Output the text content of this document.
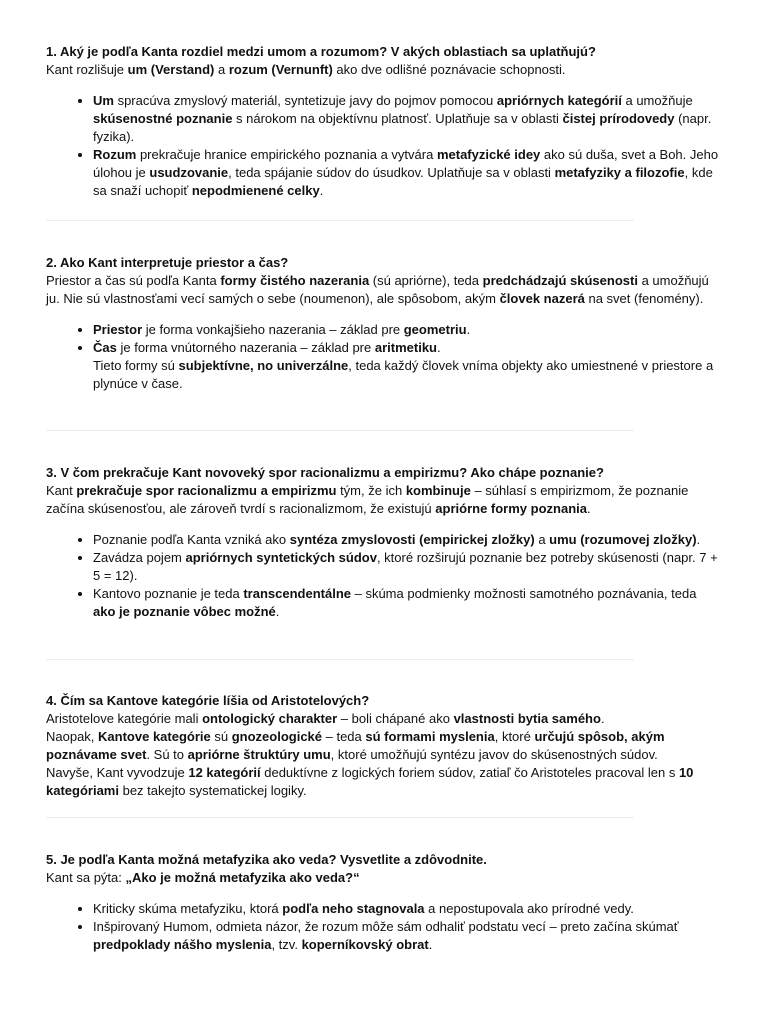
1. Aký je podľa Kanta rozdiel medzi umom a rozumom? V akých oblastiach sa uplatňujú?

Kant rozlišuje um (Verstand) a rozum (Vernunft) ako dve odlišné poznávacie schopnosti.

• Um spracúva zmyslový materiál, syntetizuje javy do pojmov pomocou apriórnych kategórií a umožňuje skúsenostné poznanie s nárokom na objektívnu platnosť. Uplatňuje sa v oblasti čistej prírodovedy (napr. fyzika).
• Rozum prekračuje hranice empirického poznania a vytvára metafyzické idey ako sú duša, svet a Boh. Jeho úlohou je usudzovanie, teda spájanie súdov do úsudkov. Uplatňuje sa v oblasti metafyziky a filozofie, kde sa snaží uchopiť nepodmienené celky.

2. Ako Kant interpretuje priestor a čas?

Priestor a čas sú podľa Kanta formy čistého nazerania (sú apriórne), teda predchádzajú skúsenosti a umožňujú ju. Nie sú vlastnosťami vecí samých o sebe (noumenon), ale spôsobom, akým človek nazerá na svet (fenomény).

• Priestor je forma vonkajšieho nazerania – základ pre geometriu.
• Čas je forma vnútorného nazerania – základ pre aritmetiku.
Tieto formy sú subjektívne, no univerzálne, teda každý človek vníma objekty ako umiestnené v priestore a plynúce v čase.

3. V čom prekračuje Kant novoveký spor racionalizmu a empirizmu? Ako chápe poznanie?

Kant prekračuje spor racionalizmu a empirizmu tým, že ich kombinuje – súhlasí s empirizmom, že poznanie začína skúsenosťou, ale zároveň tvrdí s racionalizmom, že existujú apriórne formy poznania.

• Poznanie podľa Kanta vzniká ako syntéza zmyslovosti (empirickej zložky) a umu (rozumovej zložky).
• Zavádza pojem apriórnych syntetických súdov, ktoré rozširujú poznanie bez potreby skúsenosti (napr. 7 + 5 = 12).
• Kantovo poznanie je teda transcendentálne – skúma podmienky možnosti samotného poznávania, teda ako je poznanie vôbec možné.

4. Čím sa Kantove kategórie líšia od Aristotelových?

Aristotelove kategórie mali ontologický charakter – boli chápané ako vlastnosti bytia samého.
Naopak, Kantove kategórie sú gnozeologické – teda sú formami myslenia, ktoré určujú spôsob, akým poznávame svet. Sú to apriórne štruktúry umu, ktoré umožňujú syntézu javov do skúsenostných súdov.
Navyše, Kant vyvodzuje 12 kategórií deduktívne z logických foriem súdov, zatiaľ čo Aristoteles pracoval len s 10 kategóriami bez takejto systematickej logiky.

5. Je podľa Kanta možná metafyzika ako veda? Vysvetlite a zdôvodnite.

Kant sa pýta: „Ako je možná metafyzika ako veda?“

• Kriticky skúma metafyziku, ktorá podľa neho stagnovala a nepostupovala ako prírodné vedy.
• Inšpirovaný Humom, odmieta názor, že rozum môže sám odhaliť podstatu vecí – preto začína skúmať predpoklady nášho myslenia, tzv. koperníkovský obrat.
